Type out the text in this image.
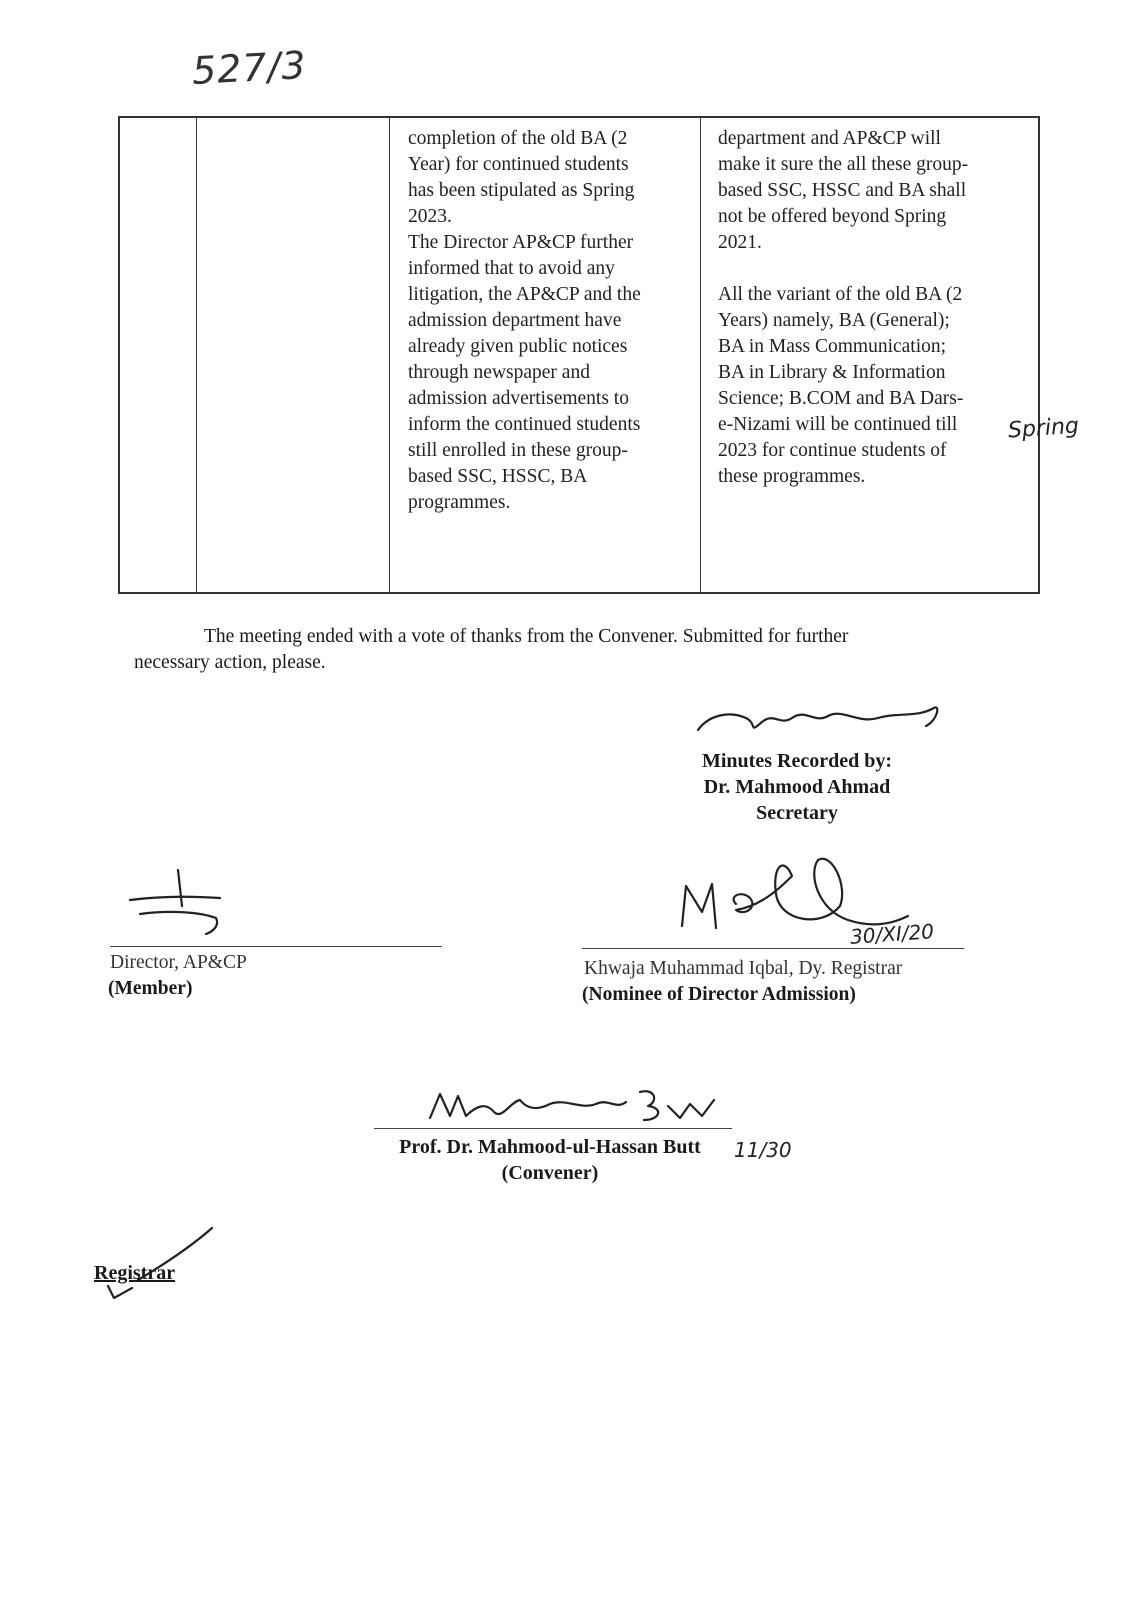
527/3

completion of the old BA (2
Year) for continued students
has been stipulated as Spring
2023.

The Director AP&CP further
informed that to avoid any
litigation, the AP&CP and the
admission department have
already given public notices
through newspaper and
admission advertisements to
inform the continued students
still enrolled in these group-
based SSC, HSSC, BA
programmes.

department and AP&CP will
make it sure the all these group-
based SSC, HSSC and BA shall
not be offered beyond Spring
2021.

All the variant of the old BA (2
Years) namely, BA (General);
BA in Mass Communication;
BA in Library & Information
Science; B.COM and BA Dars-
e-Nizami will be continued till
2023 for continue students of
these programmes.

Spring
The meeting ended with a vote of thanks from the Convener. Submitted for further
necessary action, please.
Minutes Recorded by:
Dr. Mahmood Ahmad
Secretary
Director, AP&CP
(Member)
30/XI/20
Khwaja Muhammad Iqbal, Dy. Registrar
(Nominee of Director Admission)
Prof. Dr. Mahmood-ul-Hassan Butt
(Convener)
11/30
Registrar
